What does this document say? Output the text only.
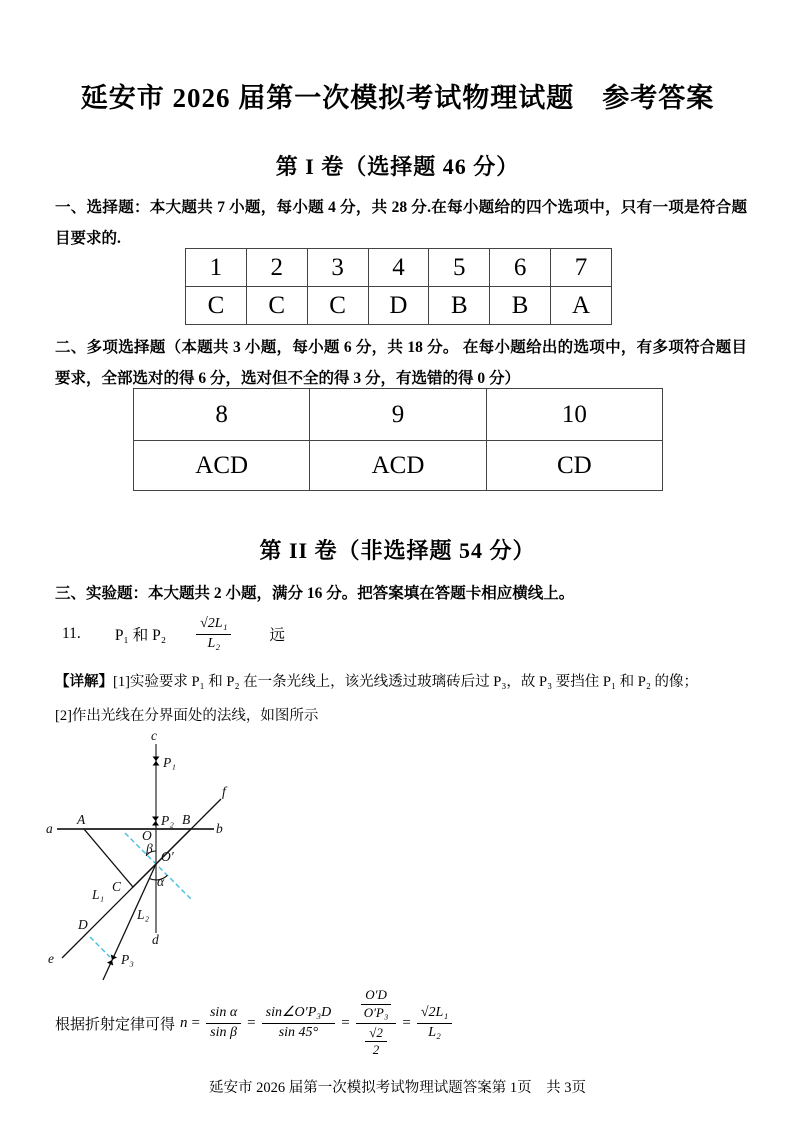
延安市 2026 届第一次模拟考试物理试题　参考答案
第 I 卷（选择题 46 分）
一、选择题：本大题共 7 小题，每小题 4 分，共 28 分.在每小题给的四个选项中，只有一项是符合题目要求的.
1	2	3	4	5	6	7
C	C	C	D	B	B	A
二、多项选择题（本题共 3 小题，每小题 6 分，共 18 分。 在每小题给出的选项中，有多项符合题目要求，全部选对的得 6 分，选对但不全的得 3 分，有选错的得 0 分）
8	9	10
ACD	ACD	CD
第 II 卷（非选择题 54 分）
三、实验题：本大题共 2 小题，满分 16 分。把答案填在答题卡相应横线上。
11. P₁ 和 $P_2 \frac{\text{√2L₁}}{\text{L₂}}$ 远
【详解】[1]实验要求 P₁ 和 P₂ 在一条光线上，该光线透过玻璃砖后过 P₃，故 P₃ 要挡住 P₁ 和 P₂ 的像；
[2]作出光线在分界面处的法线，如图所示
c
P₁
P₂
a	b
A	B
f
O
β
O′
α
C
L₁
L₂
D
d
e	P₃
根据折射定律可得 $n = \frac{\text{sin α}}{\text{sin β}} = \frac{\text{sin∠O′P₃D}}{\sin 45^\circ} = \frac{\frac{O'D}{\text{O′P₃}}}{\frac{√2}{2}} = \frac{\text{√2L₁}}{\text{L₂}}$
延安市 2026 届第一次模拟考试物理试题答案第 1页　共 3页
